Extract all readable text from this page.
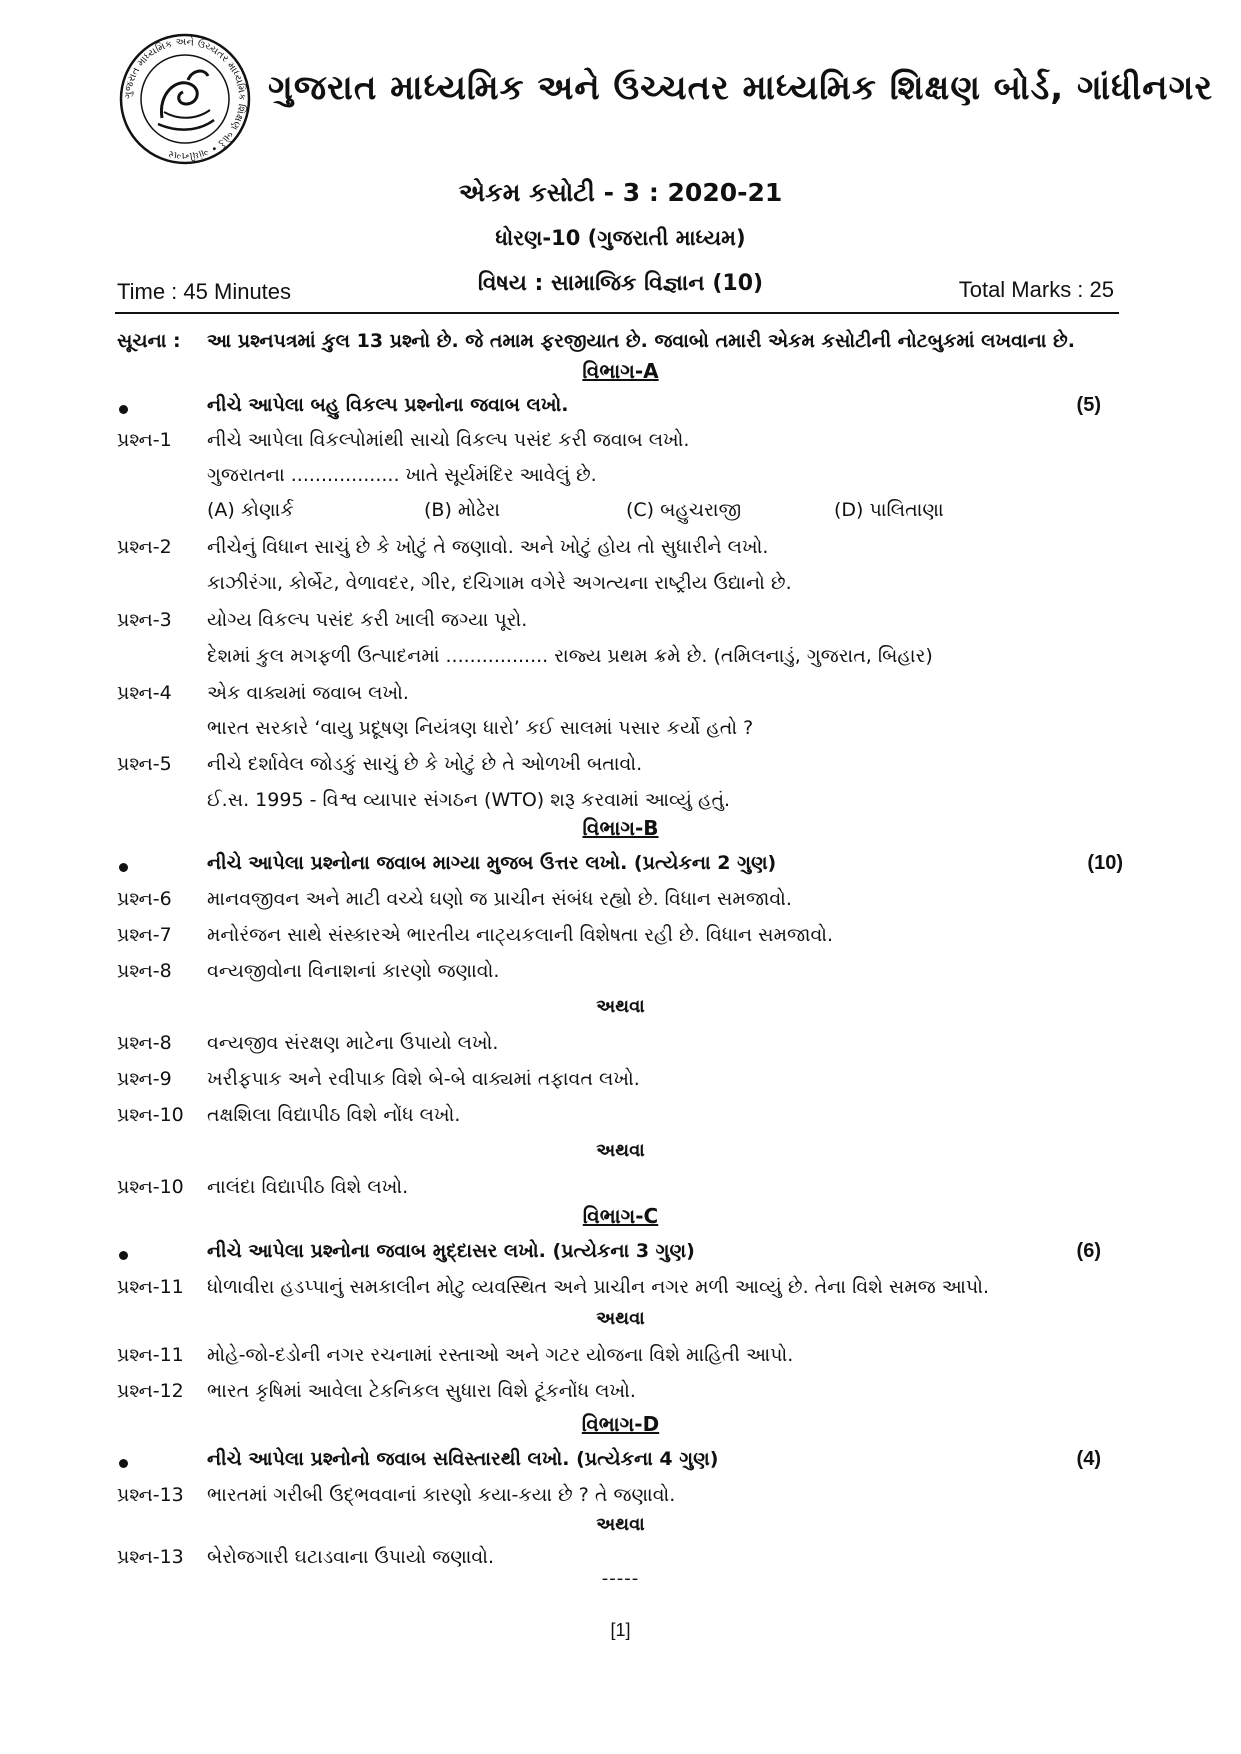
ગુજરાત માધ્યમિક અને ઉચ્ચતર માધ્યમિક શિક્ષણ બોર્ડ • ગાંધીનગર
ગુજરાત માધ્યમિક અને ઉચ્ચતર માધ્યમિક શિક્ષણ બોર્ડ, ગાંધીનગર
એકમ કસોટી - 3 : 2020-21
ધોરણ-10 (ગુજરાતી માધ્યમ)
વિષય : સામાજિક વિજ્ઞાન (10)
Time : 45 Minutes	Total Marks : 25
સૂચના : આ પ્રશ્નપત્રમાં કુલ 13 પ્રશ્નો છે. જે તમામ ફરજીયાત છે. જવાબો તમારી એકમ કસોટીની નોટબુકમાં લખવાના છે.
વિભાગ-A
નીચે આપેલા બહુ વિકલ્પ પ્રશ્નોના જવાબ લખો.	(5)
પ્રશ્ન-1 નીચે આપેલા વિકલ્પોમાંથી સાચો વિકલ્પ પસંદ કરી જવાબ લખો.
ગુજરાતના .................. ખાતે સૂર્યમંદિર આવેલું છે.
(A) કોણાર્ક	(B) મોઢેરા	(C) બહુચરાજી	(D) પાલિતાણા
પ્રશ્ન-2 નીચેનું વિધાન સાચું છે કે ખોટું તે જણાવો. અને ખોટું હોય તો સુધારીને લખો.
કાઝીરંગા, કોર્બેટ, વેળાવદર, ગીર, દચિગામ વગેરે અગત્યના રાષ્ટ્રીય ઉદ્યાનો છે.
પ્રશ્ન-3 યોગ્ય વિકલ્પ પસંદ કરી ખાલી જગ્યા પૂરો.
દેશમાં કુલ મગફળી ઉત્પાદનમાં ................. રાજ્ય પ્રથમ ક્રમે છે. (તમિલનાડું, ગુજરાત, બિહાર)
પ્રશ્ન-4 એક વાક્યમાં જવાબ લખો.
ભારત સરકારે ‘વાયુ પ્રદૂષણ નિયંત્રણ ધારો’ કઈ સાલમાં પસાર કર્યો હતો ?
પ્રશ્ન-5 નીચે દર્શાવેલ જોડકું સાચું છે કે ખોટું છે તે ઓળખી બતાવો.
ઈ.સ. 1995 - વિશ્વ વ્યાપાર સંગઠન (WTO) શરૂ કરવામાં આવ્યું હતું.
વિભાગ-B
નીચે આપેલા પ્રશ્નોના જવાબ માગ્યા મુજબ ઉત્તર લખો. (પ્રત્યેકના 2 ગુણ)	(10)
પ્રશ્ન-6 માનવજીવન અને માટી વચ્ચે ઘણો જ પ્રાચીન સંબંધ રહ્યો છે. વિધાન સમજાવો.
પ્રશ્ન-7 મનોરંજન સાથે સંસ્કારએ ભારતીય નાટ્યકલાની વિશેષતા રહી છે. વિધાન સમજાવો.
પ્રશ્ન-8 વન્યજીવોના વિનાશનાં કારણો જણાવો.
અથવા
પ્રશ્ન-8 વન્યજીવ સંરક્ષણ માટેના ઉપાયો લખો.
પ્રશ્ન-9 ખરીફપાક અને રવીપાક વિશે બે-બે વાક્યમાં તફાવત લખો.
પ્રશ્ન-10 તક્ષશિલા વિદ્યાપીઠ વિશે નોંધ લખો.
અથવા
પ્રશ્ન-10 નાલંદા વિદ્યાપીઠ વિશે લખો.
વિભાગ-C
નીચે આપેલા પ્રશ્નોના જવાબ મુદ્દાસર લખો. (પ્રત્યેકના 3 ગુણ)	(6)
પ્રશ્ન-11 ધોળાવીરા હડપ્પાનું સમકાલીન મોટુ વ્યવસ્થિત અને પ્રાચીન નગર મળી આવ્યું છે. તેના વિશે સમજ આપો.
અથવા
પ્રશ્ન-11 મોહે-જો-દડોની નગર રચનામાં રસ્તાઓ અને ગટર યોજના વિશે માહિતી આપો.
પ્રશ્ન-12 ભારત કૃષિમાં આવેલા ટેકનિકલ સુધારા વિશે ટૂંકનોંધ લખો.
વિભાગ-D
નીચે આપેલા પ્રશ્નોનો જવાબ સવિસ્તારથી લખો. (પ્રત્યેકના 4 ગુણ)	(4)
પ્રશ્ન-13 ભારતમાં ગરીબી ઉદ્ભવવાનાં કારણો કયા-કયા છે ? તે જણાવો.
અથવા
પ્રશ્ન-13 બેરોજગારી ઘટાડવાના ઉપાયો જણાવો.
-----
[1]
